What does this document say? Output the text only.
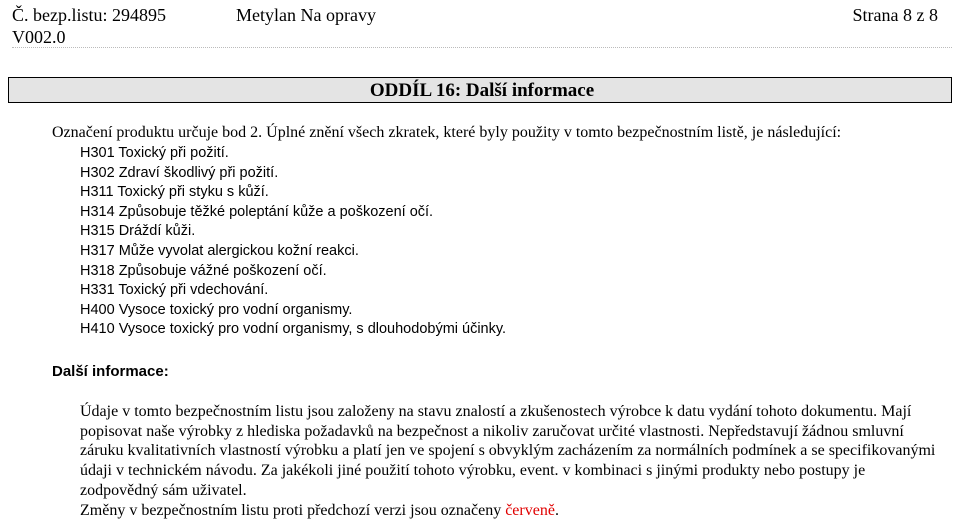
Č. bezp.listu: 294895	Metylan Na opravy	Strana 8 z 8
V002.0
ODDÍL 16: Další informace
Označení produktu určuje bod 2. Úplné znění všech zkratek, které byly použity v tomto bezpečnostním listě, je následující:
H301 Toxický při požití.
H302 Zdraví škodlivý při požití.
H311 Toxický při styku s kůží.
H314 Způsobuje těžké poleptání kůže a poškození očí.
H315 Dráždí kůži.
H317 Může vyvolat alergickou kožní reakci.
H318 Způsobuje vážné poškození očí.
H331 Toxický při vdechování.
H400 Vysoce toxický pro vodní organismy.
H410 Vysoce toxický pro vodní organismy, s dlouhodobými účinky.
Další informace:

Údaje v tomto bezpečnostním listu jsou založeny na stavu znalostí a zkušenostech výrobce k datu vydání tohoto dokumentu. Mají popisovat naše výrobky z hlediska požadavků na bezpečnost a nikoliv zaručovat určité vlastnosti. Nepředstavují žádnou smluvní záruku kvalitativních vlastností výrobku a platí jen ve spojení s obvyklým zacházením za normálních podmínek a se specifikovanými údaji v technickém návodu. Za jakékoli jiné použití tohoto výrobku, event. v kombinaci s jinými produkty nebo postupy je zodpovědný sám uživatel.

Změny v bezpečnostním listu proti předchozí verzi jsou označeny červeně.
